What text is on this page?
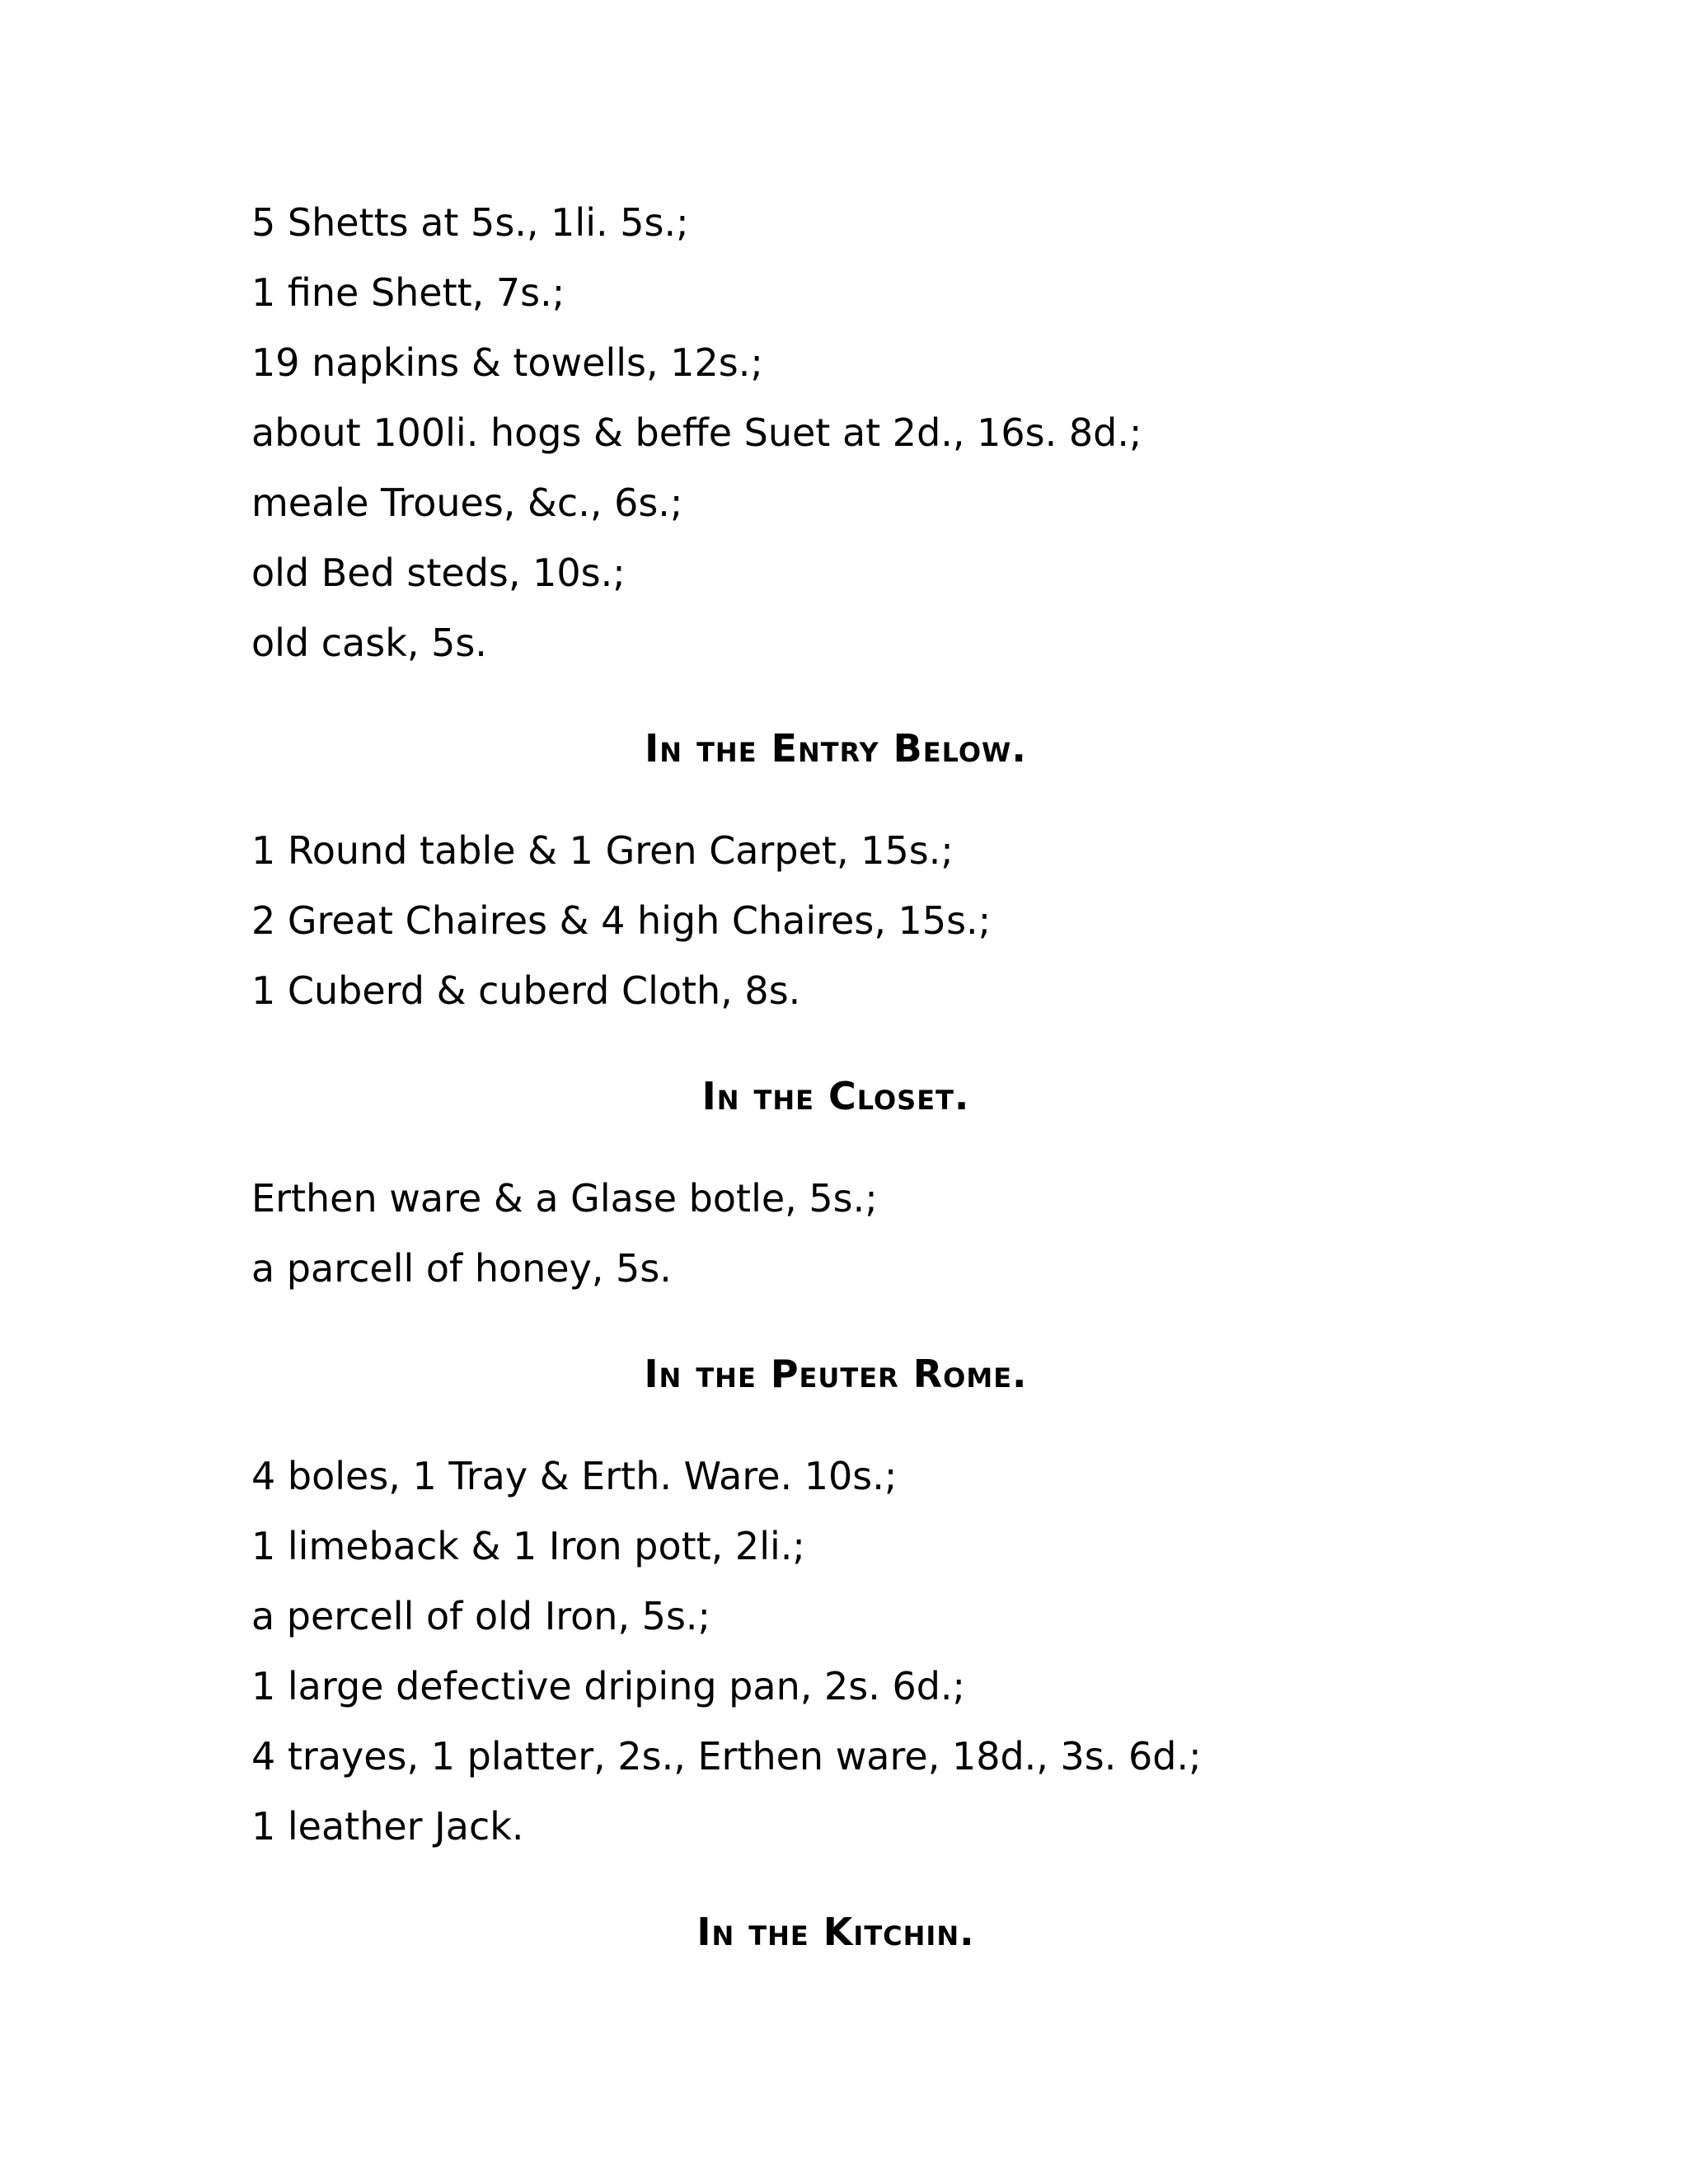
5 Shetts at 5s., 1li. 5s.;
1 fine Shett, 7s.;
19 napkins & towells, 12s.;
about 100li. hogs & beffe Suet at 2d., 16s. 8d.;
meale Troues, &c., 6s.;
old Bed steds, 10s.;
old cask, 5s.
In the Entry Below.
1 Round table & 1 Gren Carpet, 15s.;
2 Great Chaires & 4 high Chaires, 15s.;
1 Cuberd & cuberd Cloth, 8s.
In the Closet.
Erthen ware & a Glase botle, 5s.;
a parcell of honey, 5s.
In the Peuter Rome.
4 boles, 1 Tray & Erth. Ware. 10s.;
1 limeback & 1 Iron pott, 2li.;
a percell of old Iron, 5s.;
1 large defective driping pan, 2s. 6d.;
4 trayes, 1 platter, 2s., Erthen ware, 18d., 3s. 6d.;
1 leather Jack.
In the Kitchin.
